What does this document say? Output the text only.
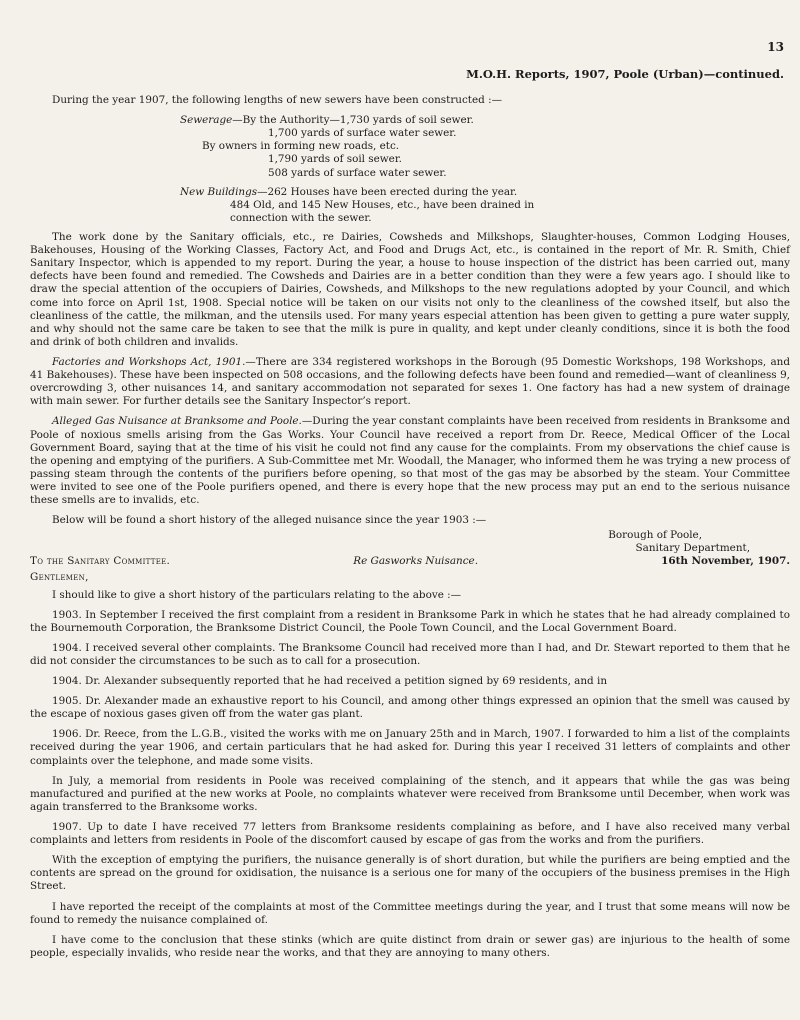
13
M.O.H. Reports, 1907, Poole (Urban)—continued.

During the year 1907, the following lengths of new sewers have been constructed :—

Sewerage—By the Authority—1,730 yards of soil sewer.
1,700 yards of surface water sewer.
By owners in forming new roads, etc.
1,790 yards of soil sewer.
508 yards of surface water sewer.
New Buildings—262 Houses have been erected during the year.
484 Old, and 145 New Houses, etc., have been drained in
connection with the sewer.

The work done by the Sanitary officials, etc., re Dairies, Cowsheds and Milkshops, Slaughter-houses, Common Lodging Houses, Bakehouses, Housing of the Working Classes, Factory Act, and Food and Drugs Act, etc., is contained in the report of Mr. R. Smith, Chief Sanitary Inspector, which is appended to my report. During the year, a house to house inspection of the district has been carried out, many defects have been found and remedied. The Cowsheds and Dairies are in a better condition than they were a few years ago. I should like to draw the special attention of the occupiers of Dairies, Cowsheds, and Milkshops to the new regulations adopted by your Council, and which come into force on April 1st, 1908. Special notice will be taken on our visits not only to the cleanliness of the cowshed itself, but also the cleanliness of the cattle, the milkman, and the utensils used. For many years especial attention has been given to getting a pure water supply, and why should not the same care be taken to see that the milk is pure in quality, and kept under cleanly conditions, since it is both the food and drink of both children and invalids.

Factories and Workshops Act, 1901.—There are 334 registered workshops in the Borough (95 Domestic Workshops, 198 Workshops, and 41 Bakehouses). These have been inspected on 508 occasions, and the following defects have been found and remedied—want of cleanliness 9, overcrowding 3, other nuisances 14, and sanitary accommodation not separated for sexes 1. One factory has had a new system of drainage with main sewer. For further details see the Sanitary Inspector’s report.

Alleged Gas Nuisance at Branksome and Poole.—During the year constant complaints have been received from residents in Branksome and Poole of noxious smells arising from the Gas Works. Your Council have received a report from Dr. Reece, Medical Officer of the Local Government Board, saying that at the time of his visit he could not find any cause for the complaints. From my observations the chief cause is the opening and emptying of the purifiers. A Sub-Committee met Mr. Woodall, the Manager, who informed them he was trying a new process of passing steam through the contents of the purifiers before opening, so that most of the gas may be absorbed by the steam. Your Committee were invited to see one of the Poole purifiers opened, and there is every hope that the new process may put an end to the serious nuisance these smells are to invalids, etc.

Below will be found a short history of the alleged nuisance since the year 1903 :—

Borough of Poole,
Sanitary Department,
To the Sanitary Committee.	Re Gasworks Nuisance.	16th November, 1907.

Gentlemen,

I should like to give a short history of the particulars relating to the above :—

1903. In September I received the first complaint from a resident in Branksome Park in which he states that he had already complained to the Bournemouth Corporation, the Branksome District Council, the Poole Town Council, and the Local Government Board.

1904. I received several other complaints. The Branksome Council had received more than I had, and Dr. Stewart reported to them that he did not consider the circumstances to be such as to call for a prosecution.

1904. Dr. Alexander subsequently reported that he had received a petition signed by 69 residents, and in

1905. Dr. Alexander made an exhaustive report to his Council, and among other things expressed an opinion that the smell was caused by the escape of noxious gases given off from the water gas plant.

1906. Dr. Reece, from the L.G.B., visited the works with me on January 25th and in March, 1907. I forwarded to him a list of the complaints received during the year 1906, and certain particulars that he had asked for. During this year I received 31 letters of complaints and other complaints over the telephone, and made some visits.

In July, a memorial from residents in Poole was received complaining of the stench, and it appears that while the gas was being manufactured and purified at the new works at Poole, no complaints whatever were received from Branksome until December, when work was again transferred to the Branksome works.

1907. Up to date I have received 77 letters from Branksome residents complaining as before, and I have also received many verbal complaints and letters from residents in Poole of the discomfort caused by escape of gas from the works and from the purifiers.

With the exception of emptying the purifiers, the nuisance generally is of short duration, but while the purifiers are being emptied and the contents are spread on the ground for oxidisation, the nuisance is a serious one for many of the occupiers of the business premises in the High Street.

I have reported the receipt of the complaints at most of the Committee meetings during the year, and I trust that some means will now be found to remedy the nuisance complained of.

I have come to the conclusion that these stinks (which are quite distinct from drain or sewer gas) are injurious to the health of some people, especially invalids, who reside near the works, and that they are annoying to many others.
